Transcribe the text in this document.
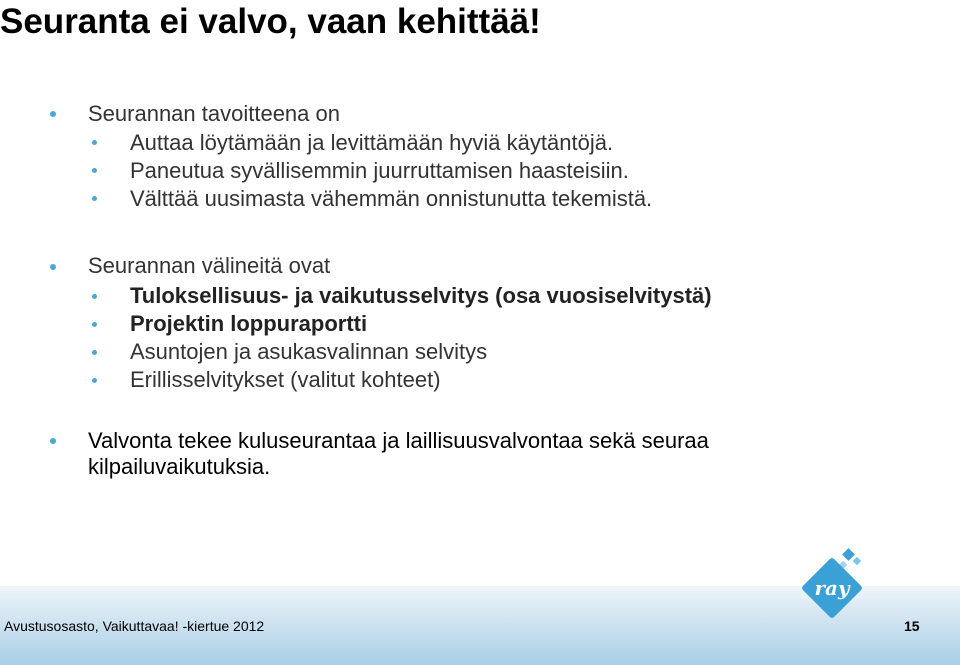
Seuranta ei valvo, vaan kehittää!
Seurannan tavoitteena on
Auttaa löytämään ja levittämään hyviä käytäntöjä.
Paneutua syvällisemmin juurruttamisen haasteisiin.
Välttää uusimasta vähemmän onnistunutta tekemistä.
Seurannan välineitä ovat
Tuloksellisuus- ja vaikutusselvitys (osa vuosiselvitystä)
Projektin loppuraportti
Asuntojen ja asukasvalinnan selvitys
Erillisselvitykset (valitut kohteet)
Valvonta tekee kuluseurantaa ja laillisuusvalvontaa sekä seuraa
kilpailuvaikutuksia.
ray
Avustusosasto, Vaikuttavaa! -kiertue 2012	15
